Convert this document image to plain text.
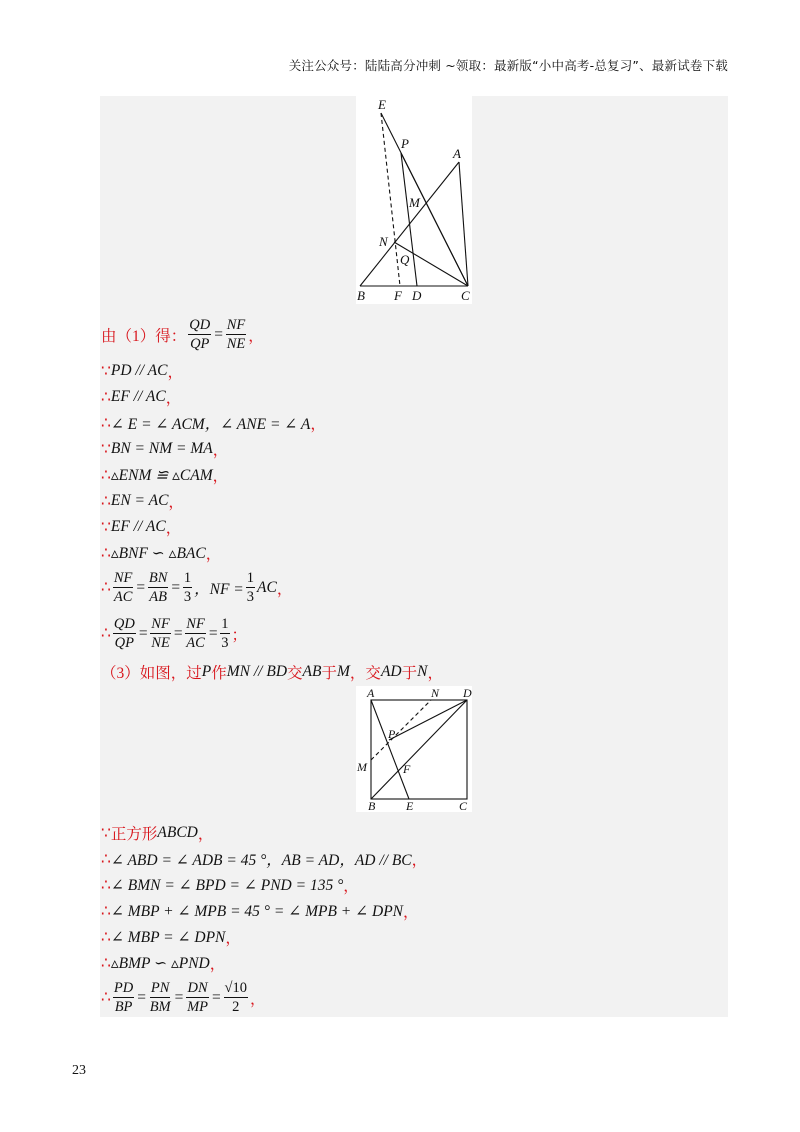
关注公众号：陆陆高分冲刺 ~领取：最新版“小中高考-总复习”、最新试卷下载
E
P
A
M
N
Q
B F D	C
由（1）得： $\frac{QD}{QP} = \frac{NF}{NE}$ ，
∵ PD // AC ，
∴ EF // AC ，
∴ ∠ E = ∠ ACM，∠ ANE = ∠ A ，
∵ BN = NM = MA ，
∴ ▵ENM ≌ ▵CAM ，
∴ EN = AC ，
∵ EF // AC ，
∴ ▵BNF ∽ ▵BAC ，
∴ $\frac{NF}{AC} = \frac{BN}{AB} = \frac{1}{3}$ ，NF = $\frac{1}{3}$ AC ，
∴ $\frac{QD}{QP} = \frac{NF}{NE} = \frac{NF}{AC} = \frac{1}{3}$ ；
（3）如图，过 P 作 MN // BD 交 AB 于 M ，交 AD 于 N ，
A	N D
P
M	F
B	E	C
∵ 正方形 ABCD ，
∴ ∠ ABD = ∠ ADB = 45 °，AB = AD，AD // BC ，
∴ ∠ BMN = ∠ BPD = ∠ PND = 135 ° ，
∴ ∠ MBP + ∠ MPB = 45 ° = ∠ MPB + ∠ DPN ，
∴ ∠ MBP = ∠ DPN ，
∴ ▵BMP ∽ ▵PND ，
∴ $\frac{PD}{BP} = \frac{PN}{BM} = \frac{DN}{MP} = \frac{√10}{2}$ ，
23
